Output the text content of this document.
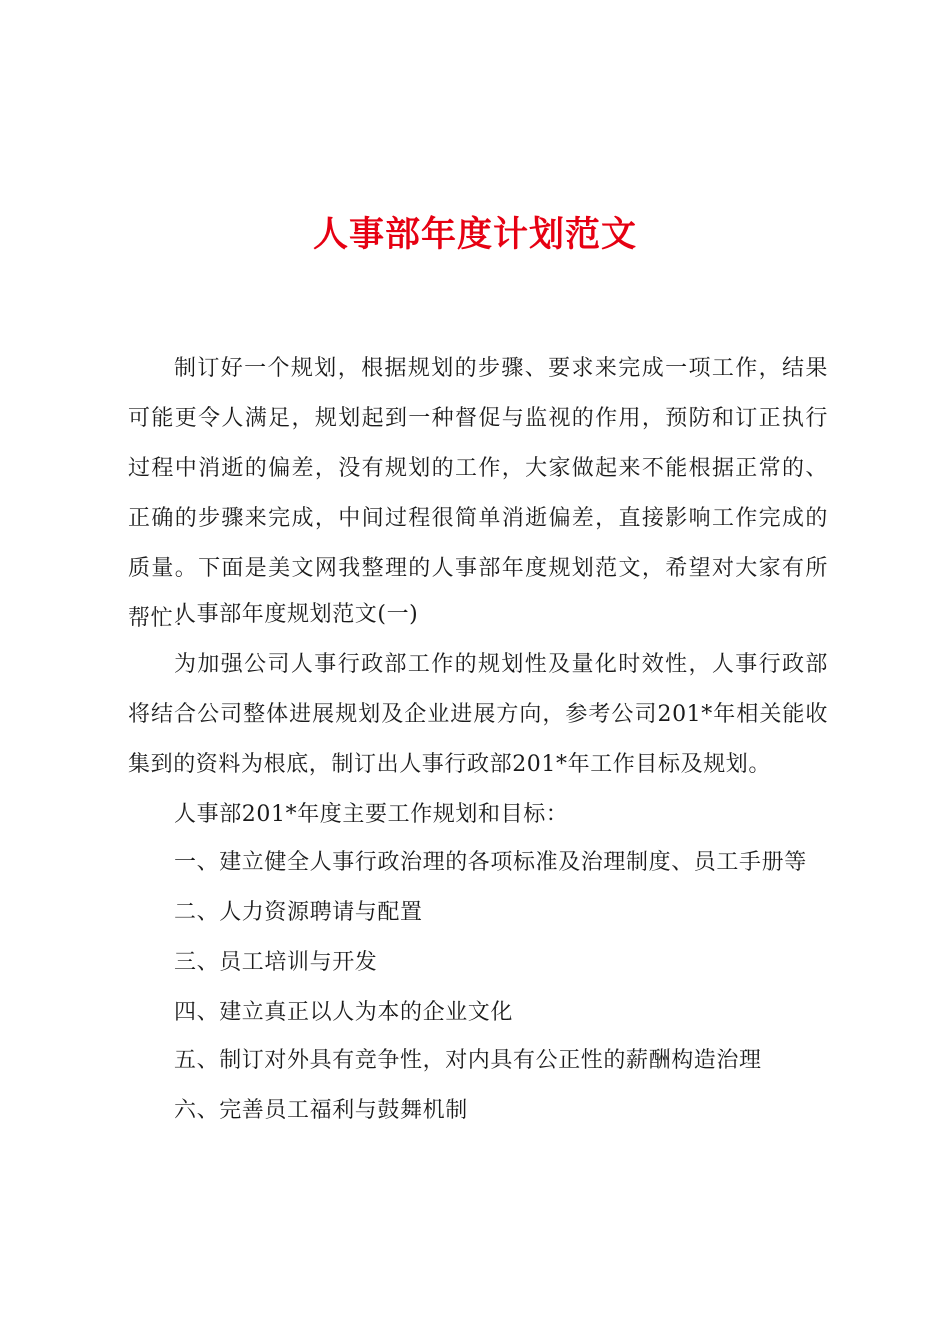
人事部年度计划范文

制订好一个规划，根据规划的步骤、要求来完成一项工作，结果可能更令人满足，规划起到一种督促与监视的作用，预防和订正执行过程中消逝的偏差，没有规划的工作，大家做起来不能根据正常的、正确的步骤来完成，中间过程很简单消逝偏差，直接影响工作完成的质量。下面是美文网我整理的人事部年度规划范文，希望对大家有所帮忙！

人事部年度规划范文(一)

为加强公司人事行政部工作的规划性及量化时效性，人事行政部将结合公司整体进展规划及企业进展方向，参考公司201*年相关能收集到的资料为根底，制订出人事行政部201*年工作目标及规划。

人事部201*年度主要工作规划和目标：

一、建立健全人事行政治理的各项标准及治理制度、员工手册等

二、人力资源聘请与配置

三、员工培训与开发

四、建立真正以人为本的企业文化

五、制订对外具有竞争性，对内具有公正性的薪酬构造治理

六、完善员工福利与鼓舞机制
